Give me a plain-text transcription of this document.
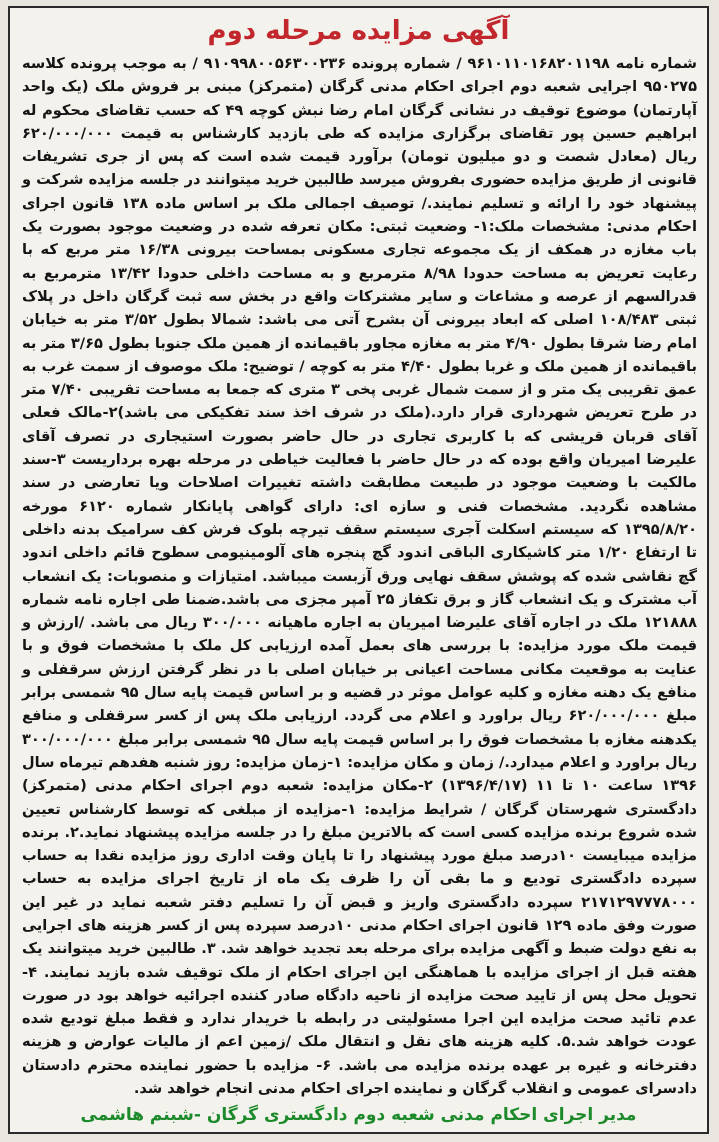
آگهی مزایده مرحله دوم
شماره نامه ۹۶۱۰۱۱۰۱۶۸۲۰۱۱۹۸ / شماره پرونده ۹۱۰۹۹۸۰۰۵۶۳۰۰۲۳۶ / به موجب پرونده کلاسه ۹۵۰۲۷۵ اجرایی شعبه دوم اجرای احکام مدنی گرگان (متمرکز) مبنی بر فروش ملک (یک واحد آپارتمان) موضوع توقیف در نشانی گرگان امام رضا نبش کوچه ۴۹ که حسب تقاضای محکوم له ابراهیم حسین پور تقاضای برگزاری مزایده که طی بازدید کارشناس به قیمت ۶۲۰/۰۰۰/۰۰۰ ریال (معادل شصت و دو میلیون تومان) برآورد قیمت شده است که پس از جری تشریفات قانونی از طریق مزایده حضوری بفروش میرسد طالبین خرید میتوانند در جلسه مزایده شرکت و پیشنهاد خود را ارائه و تسلیم نمایند./ توصیف اجمالی ملک بر اساس ماده ۱۳۸ قانون اجرای احکام مدنی: مشخصات ملک:۱- وضعیت ثبتی: مکان تعرفه شده در وضعیت موجود بصورت یک باب مغازه در همکف از یک مجموعه تجاری مسکونی بمساحت بیرونی ۱۶/۳۸ متر مربع که با رعایت تعریض به مساحت حدودا ۸/۹۸ مترمربع و به مساحت داخلی حدودا ۱۳/۴۲ مترمربع به قدرالسهم از عرصه و مشاعات و سایر مشترکات واقع در بخش سه ثبت گرگان داخل در پلاک ثبتی ۱۰۸/۴۸۳ اصلی که ابعاد بیرونی آن بشرح آتی می باشد: شمالا بطول ۳/۵۲ متر به خیابان امام رضا شرقا بطول ۴/۹۰ متر به مغازه مجاور باقیمانده از همین ملک جنوبا بطول ۳/۶۵ متر به باقیمانده از همین ملک و غربا بطول ۴/۴۰ متر به کوچه / توضیح: ملک موصوف از سمت غرب به عمق تقریبی یک متر و از سمت شمال غربی پخی ۳ متری که جمعا به مساحت تقریبی ۷/۴۰ متر در طرح تعریض شهرداری قرار دارد.(ملک در شرف اخذ سند تفکیکی می باشد)۲-مالک فعلی آقای قربان قریشی که با کاربری تجاری در حال حاضر بصورت استیجاری در تصرف آقای علیرضا امیریان واقع بوده که در حال حاضر با فعالیت خیاطی در مرحله بهره برداریست ۳-سند مالکیت با وضعیت موجود در طبیعت مطابقت داشته تغییرات اصلاحات ویا تعارضی در سند مشاهده نگردید. مشخصات فنی و سازه ای: دارای گواهی پایانکار شماره ۶۱۲۰ مورخه ۱۳۹۵/۸/۲۰ که سیستم اسکلت آجری سیستم سقف تیرچه بلوک فرش کف سرامیک بدنه داخلی تا ارتفاع ۱/۲۰ متر کاشیکاری الباقی اندود گچ پنجره های آلومینیومی سطوح قائم داخلی اندود گچ نقاشی شده که پوشش سقف نهایی ورق آزبست میباشد. امتیازات و منصوبات: یک انشعاب آب مشترک و یک انشعاب گاز و برق تکفاز ۲۵ آمپر مجزی می باشد.ضمنا طی اجاره نامه شماره ۱۲۱۸۸۸ ملک در اجاره آقای علیرضا امیریان به اجاره ماهیانه ۳۰۰/۰۰۰ ریال می باشد. /ارزش و قیمت ملک مورد مزایده: با بررسی های بعمل آمده ارزیابی کل ملک با مشخصات فوق و با عنایت به موقعیت مکانی مساحت اعیانی بر خیابان اصلی با در نظر گرفتن ارزش سرقفلی و منافع یک دهنه مغازه و کلیه عوامل موثر در قضیه و بر اساس قیمت پایه سال ۹۵ شمسی برابر مبلغ ۶۲۰/۰۰۰/۰۰۰ ریال براورد و اعلام می گردد. ارزیابی ملک پس از کسر سرقفلی و منافع یکدهنه مغازه با مشخصات فوق را بر اساس قیمت پایه سال ۹۵ شمسی برابر مبلغ ۳۰۰/۰۰۰/۰۰۰ ریال براورد و اعلام میدارد./ زمان و مکان مزایده: ۱-زمان مزایده: روز شنبه هفدهم تیرماه سال ۱۳۹۶ ساعت ۱۰ تا ۱۱ (۱۳۹۶/۴/۱۷) ۲-مکان مزایده: شعبه دوم اجرای احکام مدنی (متمرکز) دادگستری شهرستان گرگان / شرایط مزایده: ۱-مزایده از مبلغی که توسط کارشناس تعیین شده شروع برنده مزایده کسی است که بالاترین مبلغ را در جلسه مزایده پیشنهاد نماید.۲. برنده مزایده میبایست ۱۰درصد مبلغ مورد پیشنهاد را تا پایان وقت اداری روز مزایده نقدا به حساب سپرده دادگستری تودیع و ما بقی آن را ظرف یک ماه از تاریخ اجرای مزایده به حساب ۲۱۷۱۲۹۷۷۷۸۰۰۰ سپرده دادگستری واریز و قبض آن را تسلیم دفتر شعبه نماید در غیر این صورت وفق ماده ۱۲۹ قانون اجرای احکام مدنی ۱۰درصد سپرده پس از کسر هزینه های اجرایی به نفع دولت ضبط و آگهی مزایده برای مرحله بعد تجدید خواهد شد. ۳. طالبین خرید میتوانند یک هفته قبل از اجرای مزایده با هماهنگی این اجرای احکام از ملک توقیف شده بازید نمایند. ۴- تحویل محل پس از تایید صحت مزایده از ناحیه دادگاه صادر کننده اجرائیه خواهد بود در صورت عدم تائید صحت مزایده این اجرا مسئولیتی در رابطه با خریدار ندارد و فقط مبلغ تودیع شده عودت خواهد شد.۵. کلیه هزینه های نقل و انتقال ملک /زمین اعم از مالیات عوارض و هزینه دفترخانه و غیره بر عهده برنده مزایده می باشد. ۶- مزایده با حضور نماینده محترم دادستان دادسرای عمومی و انقلاب گرگان و نماینده اجرای احکام مدنی انجام خواهد شد.
مدیر اجرای احکام مدنی شعبه دوم دادگستری گرگان -شبنم هاشمی
